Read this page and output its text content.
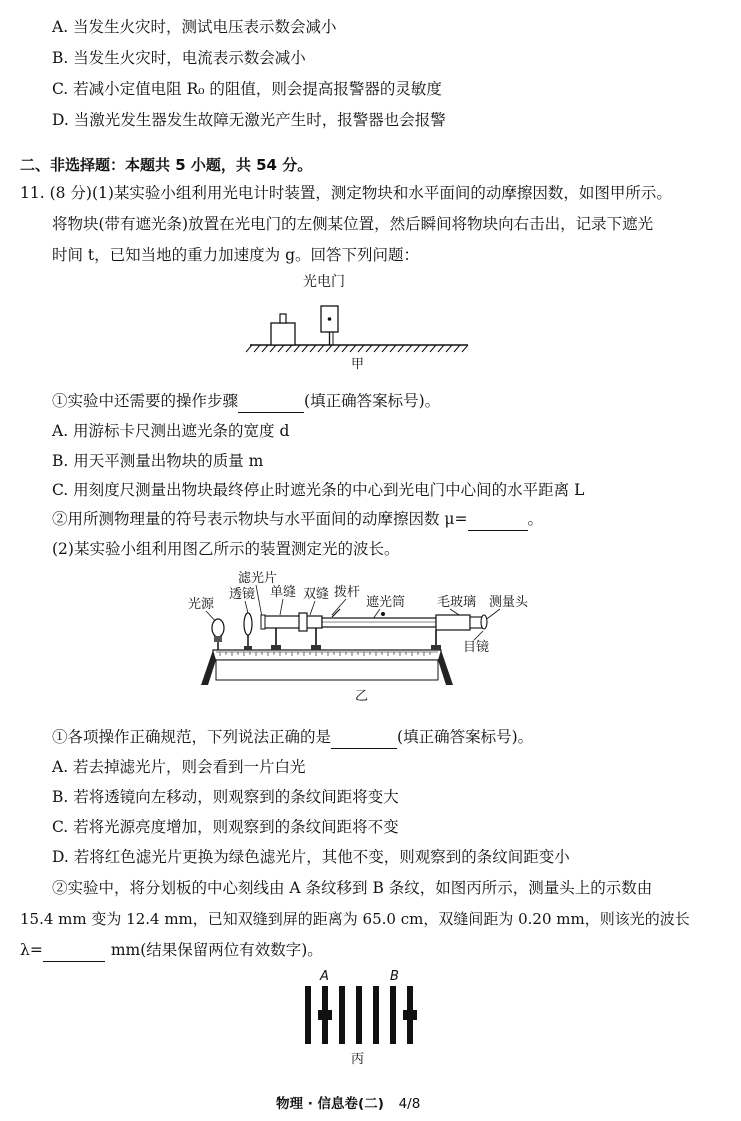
A. 当发生火灾时，测试电压表示数会减小
B. 当发生火灾时，电流表示数会减小
C. 若减小定值电阻 R₀ 的阻值，则会提高报警器的灵敏度
D. 当激光发生器发生故障无激光产生时，报警器也会报警
二、非选择题：本题共 5 小题，共 54 分。
11. (8 分)(1)某实验小组利用光电计时装置，测定物块和水平面间的动摩擦因数，如图甲所示。
将物块(带有遮光条)放置在光电门的左侧某位置，然后瞬间将物块向右击出，记录下遮光
时间 t，已知当地的重力加速度为 g。回答下列问题：
光电门
甲
①实验中还需要的操作步骤	(填正确答案标号)。
A. 用游标卡尺测出遮光条的宽度 d
B. 用天平测量出物块的质量 m
C. 用刻度尺测量出物块最终停止时遮光条的中心到光电门中心间的水平距离 L
②用所测物理量的符号表示物块与水平面间的动摩擦因数 μ=	。
(2)某实验小组利用图乙所示的装置测定光的波长。
滤光片
光源
透镜 单缝 双缝 拨杆
遮光筒 毛玻璃 测量头
目镜
乙
①各项操作正确规范，下列说法正确的是	(填正确答案标号)。
A. 若去掉滤光片，则会看到一片白光
B. 若将透镜向左移动，则观察到的条纹间距将变大
C. 若将光源亮度增加，则观察到的条纹间距将不变
D. 若将红色滤光片更换为绿色滤光片，其他不变，则观察到的条纹间距变小
②实验中，将分划板的中心刻线由 A 条纹移到 B 条纹，如图丙所示，测量头上的示数由
15.4 mm 变为 12.4 mm，已知双缝到屏的距离为 65.0 cm，双缝间距为 0.20 mm，则该光的波长
λ=	mm(结果保留两位有效数字)。
A	B
丙
物理 · 信息卷(二) 4/8
